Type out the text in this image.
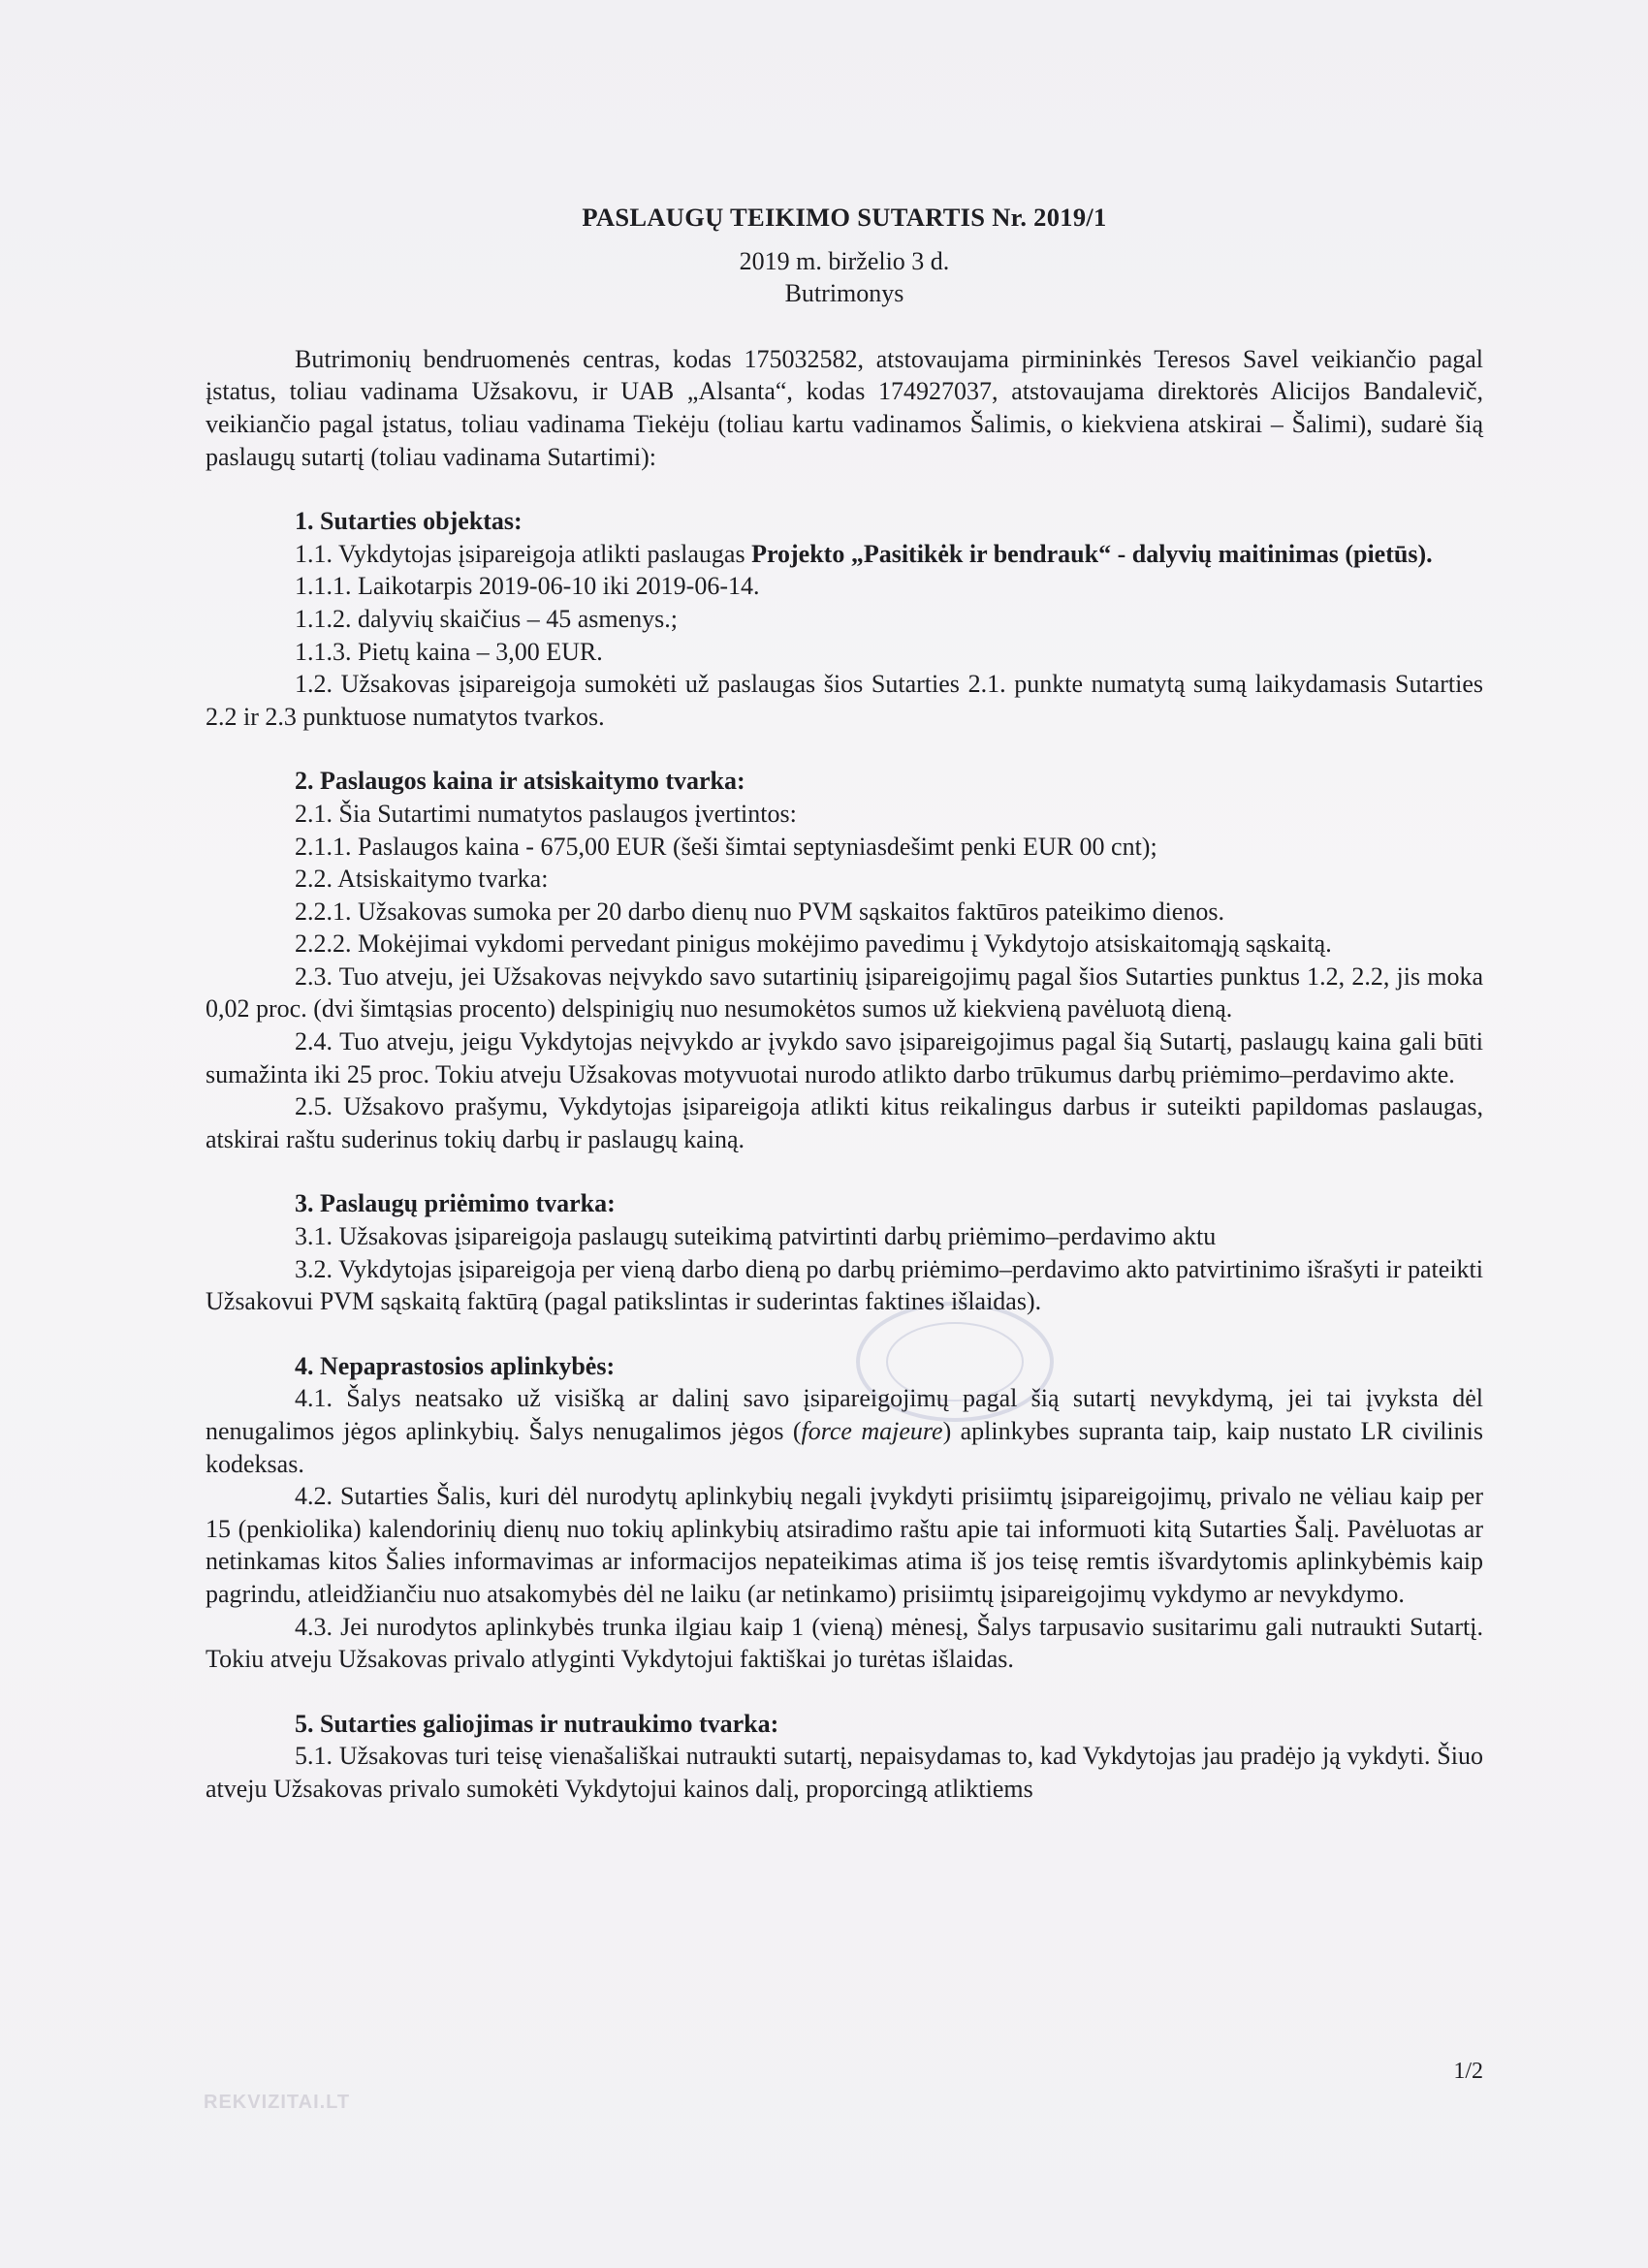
PASLAUGŲ TEIKIMO SUTARTIS Nr. 2019/1

2019 m. birželio 3 d.

Butrimonys

Butrimonių bendruomenės centras, kodas 175032582, atstovaujama pirmininkės Teresos Savel veikiančio pagal įstatus, toliau vadinama Užsakovu, ir UAB „Alsanta“, kodas 174927037, atstovaujama direktorės Alicijos Bandalevič, veikiančio pagal įstatus, toliau vadinama Tiekėju (toliau kartu vadinamos Šalimis, o kiekviena atskirai – Šalimi), sudarė šią paslaugų sutartį (toliau vadinama Sutartimi):

1. Sutarties objektas:

1.1. Vykdytojas įsipareigoja atlikti paslaugas Projekto „Pasitikėk ir bendrauk“ - dalyvių maitinimas (pietūs).

1.1.1. Laikotarpis 2019-06-10 iki 2019-06-14.

1.1.2. dalyvių skaičius – 45 asmenys.;

1.1.3. Pietų kaina – 3,00 EUR.

1.2. Užsakovas įsipareigoja sumokėti už paslaugas šios Sutarties 2.1. punkte numatytą sumą laikydamasis Sutarties 2.2 ir 2.3 punktuose numatytos tvarkos.

2. Paslaugos kaina ir atsiskaitymo tvarka:

2.1. Šia Sutartimi numatytos paslaugos įvertintos:

2.1.1. Paslaugos kaina - 675,00 EUR (šeši šimtai septyniasdešimt penki EUR 00 cnt);

2.2. Atsiskaitymo tvarka:

2.2.1. Užsakovas sumoka per 20 darbo dienų nuo PVM sąskaitos faktūros pateikimo dienos.

2.2.2. Mokėjimai vykdomi pervedant pinigus mokėjimo pavedimu į Vykdytojo atsiskaitomąją sąskaitą.

2.3. Tuo atveju, jei Užsakovas neįvykdo savo sutartinių įsipareigojimų pagal šios Sutarties punktus 1.2, 2.2, jis moka 0,02 proc. (dvi šimtąsias procento) delspinigių nuo nesumokėtos sumos už kiekvieną pavėluotą dieną.

2.4. Tuo atveju, jeigu Vykdytojas neįvykdo ar įvykdo savo įsipareigojimus pagal šią Sutartį, paslaugų kaina gali būti sumažinta iki 25 proc. Tokiu atveju Užsakovas motyvuotai nurodo atlikto darbo trūkumus darbų priėmimo–perdavimo akte.

2.5. Užsakovo prašymu, Vykdytojas įsipareigoja atlikti kitus reikalingus darbus ir suteikti papildomas paslaugas, atskirai raštu suderinus tokių darbų ir paslaugų kainą.

3. Paslaugų priėmimo tvarka:

3.1. Užsakovas įsipareigoja paslaugų suteikimą patvirtinti darbų priėmimo–perdavimo aktu

3.2. Vykdytojas įsipareigoja per vieną darbo dieną po darbų priėmimo–perdavimo akto patvirtinimo išrašyti ir pateikti Užsakovui PVM sąskaitą faktūrą (pagal patikslintas ir suderintas faktines išlaidas).

4. Nepaprastosios aplinkybės:

4.1. Šalys neatsako už visišką ar dalinį savo įsipareigojimų pagal šią sutartį nevykdymą, jei tai įvyksta dėl nenugalimos jėgos aplinkybių. Šalys nenugalimos jėgos (force majeure) aplinkybes supranta taip, kaip nustato LR civilinis kodeksas.

4.2. Sutarties Šalis, kuri dėl nurodytų aplinkybių negali įvykdyti prisiimtų įsipareigojimų, privalo ne vėliau kaip per 15 (penkiolika) kalendorinių dienų nuo tokių aplinkybių atsiradimo raštu apie tai informuoti kitą Sutarties Šalį. Pavėluotas ar netinkamas kitos Šalies informavimas ar informacijos nepateikimas atima iš jos teisę remtis išvardytomis aplinkybėmis kaip pagrindu, atleidžiančiu nuo atsakomybės dėl ne laiku (ar netinkamo) prisiimtų įsipareigojimų vykdymo ar nevykdymo.

4.3. Jei nurodytos aplinkybės trunka ilgiau kaip 1 (vieną) mėnesį, Šalys tarpusavio susitarimu gali nutraukti Sutartį. Tokiu atveju Užsakovas privalo atlyginti Vykdytojui faktiškai jo turėtas išlaidas.

5. Sutarties galiojimas ir nutraukimo tvarka:

5.1. Užsakovas turi teisę vienašališkai nutraukti sutartį, nepaisydamas to, kad Vykdytojas jau pradėjo ją vykdyti. Šiuo atveju Užsakovas privalo sumokėti Vykdytojui kainos dalį, proporcingą atliktiems

1/2
REKVIZITAI.LT
